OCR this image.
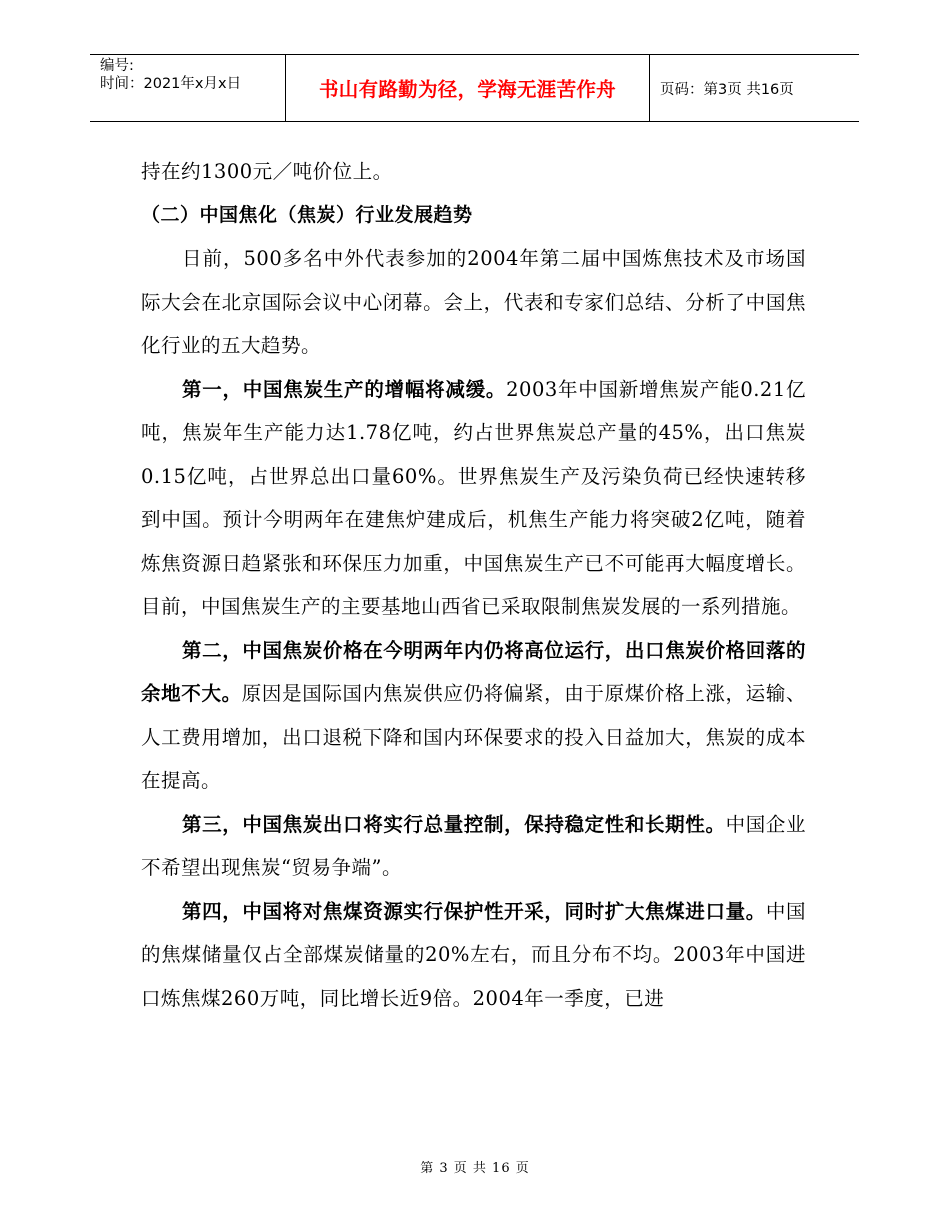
编号:
时间：2021年x月x日	书山有路勤为径，学海无涯苦作舟	页码：第3页 共16页

持在约1300元／吨价位上。

（二）中国焦化（焦炭）行业发展趋势

日前，500多名中外代表参加的2004年第二届中国炼焦技术及市场国际大会在北京国际会议中心闭幕。会上，代表和专家们总结、分析了中国焦化行业的五大趋势。

第一，中国焦炭生产的增幅将减缓。2003年中国新增焦炭产能0.21亿吨，焦炭年生产能力达1.78亿吨，约占世界焦炭总产量的45%，出口焦炭0.15亿吨，占世界总出口量60%。世界焦炭生产及污染负荷已经快速转移到中国。预计今明两年在建焦炉建成后，机焦生产能力将突破2亿吨，随着炼焦资源日趋紧张和环保压力加重，中国焦炭生产已不可能再大幅度增长。目前，中国焦炭生产的主要基地山西省已采取限制焦炭发展的一系列措施。

第二，中国焦炭价格在今明两年内仍将高位运行，出口焦炭价格回落的余地不大。原因是国际国内焦炭供应仍将偏紧，由于原煤价格上涨，运输、人工费用增加，出口退税下降和国内环保要求的投入日益加大，焦炭的成本在提高。

第三，中国焦炭出口将实行总量控制，保持稳定性和长期性。中国企业不希望出现焦炭“贸易争端”。

第四，中国将对焦煤资源实行保护性开采，同时扩大焦煤进口量。中国的焦煤储量仅占全部煤炭储量的20%左右，而且分布不均。2003年中国进口炼焦煤260万吨，同比增长近9倍。2004年一季度，已进

第 3 页 共 16 页
